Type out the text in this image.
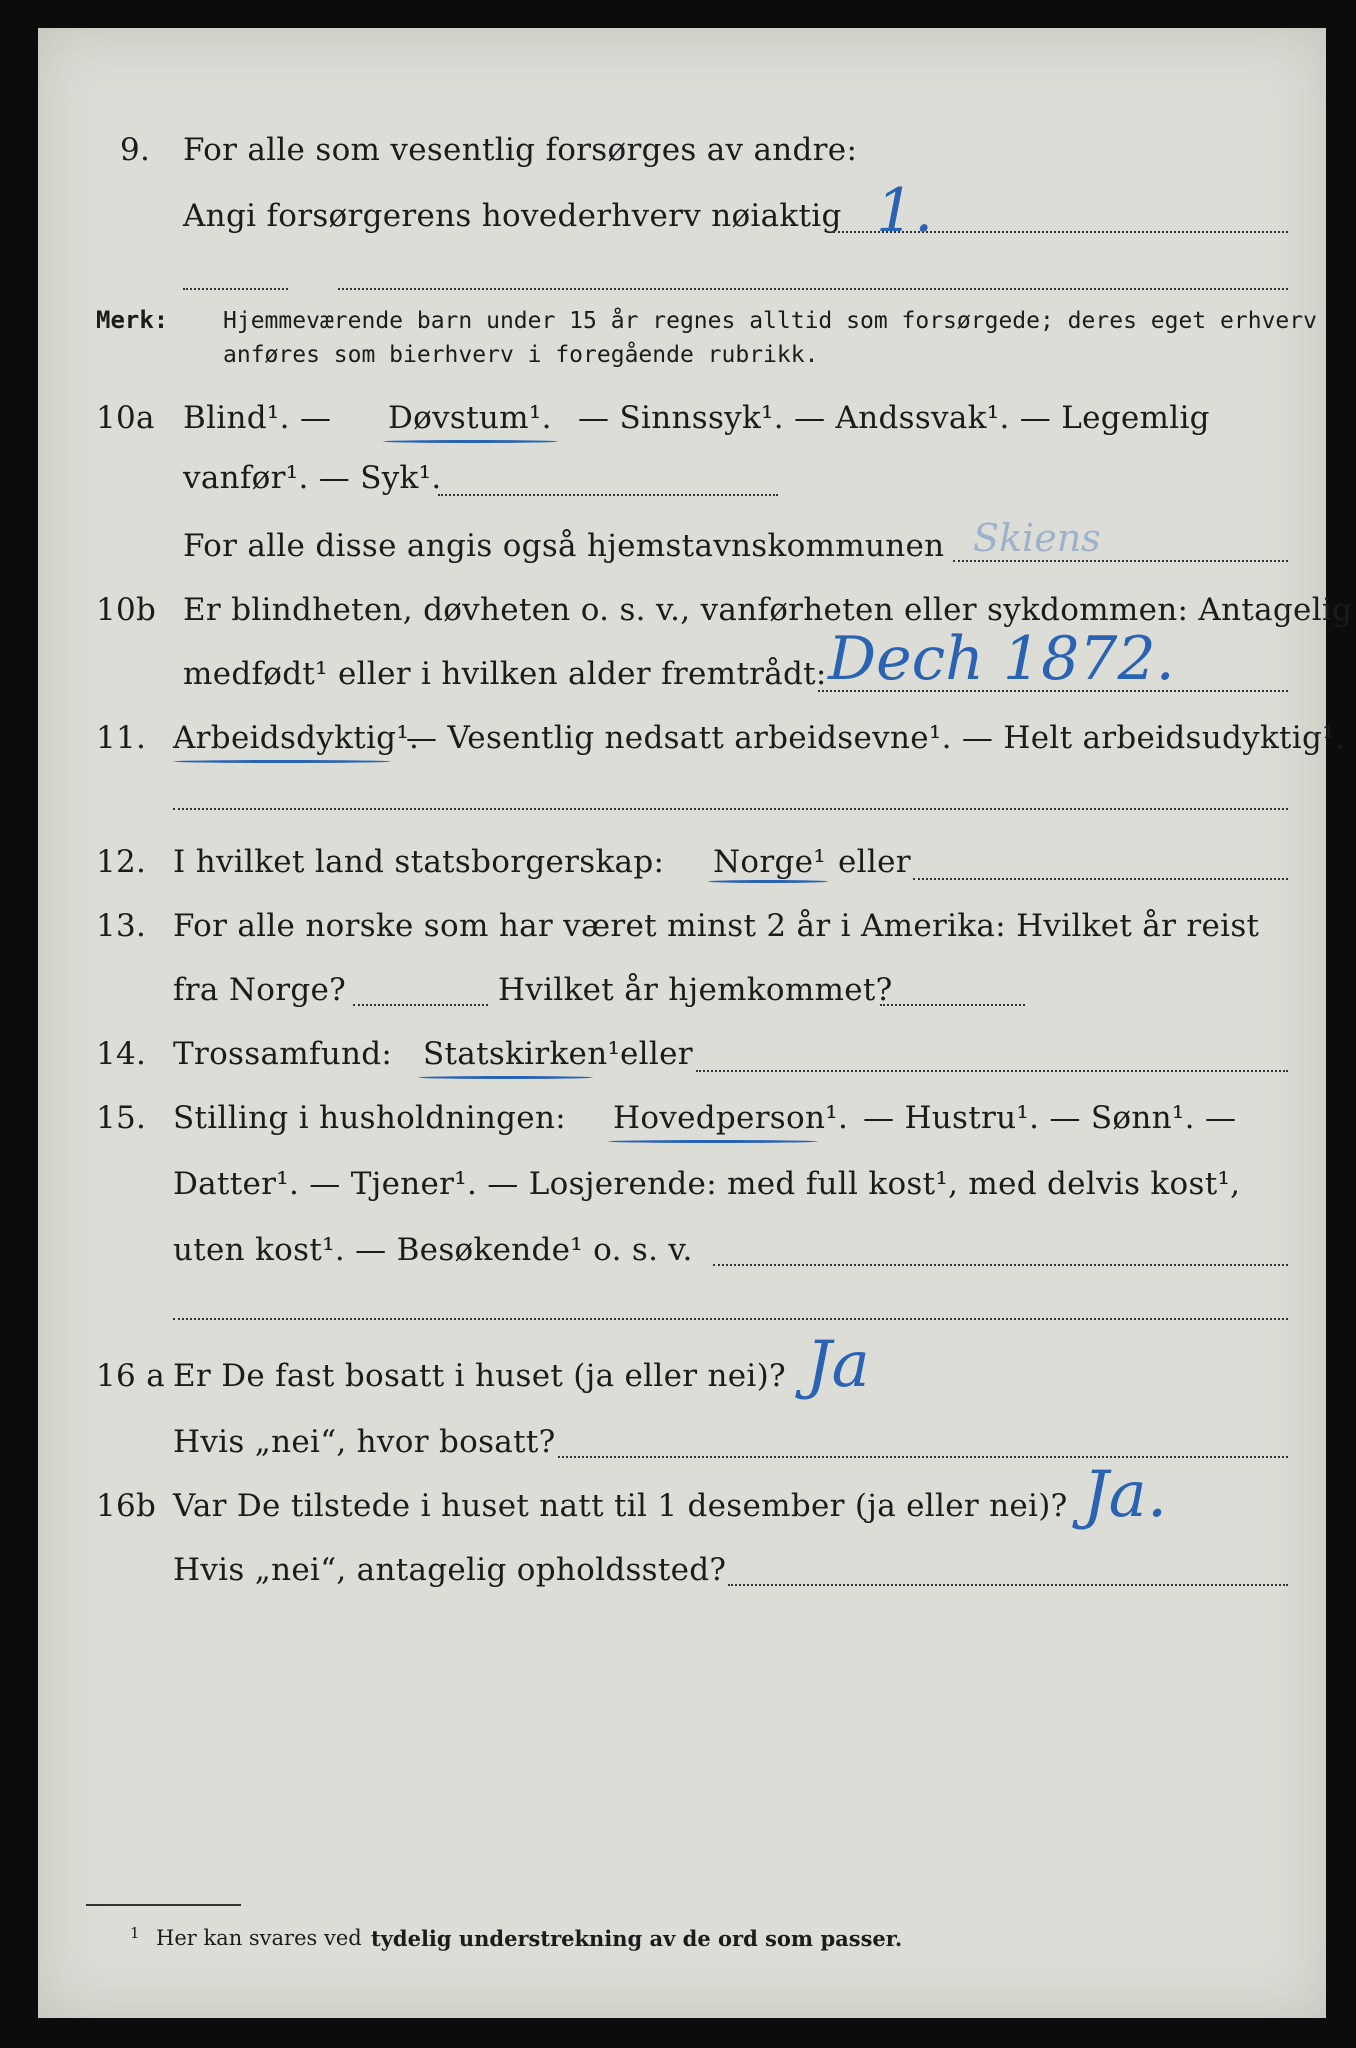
9. For alle som vesentlig forsørges av andre:
Angi forsørgerens hovederhverv nøiaktig 1.
Merk: Hjemmeværende barn under 15 år regnes alltid som forsørgede; deres eget erhverv
anføres som bierhverv i foregående rubrikk.
10a Blind¹. — Døvstum¹. — Sinnssyk¹. — Andssvak¹. — Legemlig
vanfør¹. — Syk¹.
For alle disse angis også hjemstavnskommunen Skiens
10b Er blindheten, døvheten o. s. v., vanførheten eller sykdommen: Antagelig
medfødt¹ eller i hvilken alder fremtrådt: Dech 1872.
11. Arbeidsdyktig¹.
— Vesentlig nedsatt arbeidsevne¹. — Helt arbeidsudyktig¹.
12. I hvilket land statsborgerskap: Norge¹ eller
13. For alle norske som har været minst 2 år i Amerika: Hvilket år reist
fra Norge?	Hvilket år hjemkommet?
14. Trossamfund: Statskirken¹ eller
15. Stilling i husholdningen: Hovedperson¹. — Hustru¹. — Sønn¹. —
Datter¹. — Tjener¹. — Losjerende: med full kost¹, med delvis kost¹,
uten kost¹. — Besøkende¹ o. s. v.
16 a Er De fast bosatt i huset (ja eller nei)? Ja
Hvis „nei“, hvor bosatt?
16b Var De tilstede i huset natt til 1 desember (ja eller nei)? Ja.
Hvis „nei“, antagelig opholdssted?
1 Her kan svares ved tydelig understrekning av de ord som passer.
